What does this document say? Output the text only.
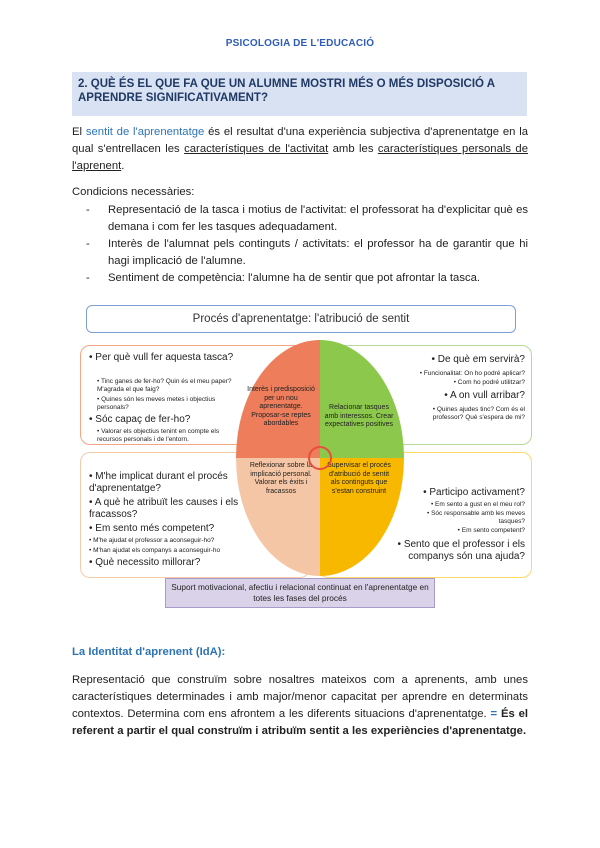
PSICOLOGIA DE L'EDUCACIÓ
2. QUÈ ÉS EL QUE FA QUE UN ALUMNE MOSTRI MÉS O MÉS DISPOSICIÓ A APRENDRE SIGNIFICATIVAMENT?
El sentit de l'aprenentatge és el resultat d'una experiència subjectiva d'aprenentatge en la qual s'entrellacen les característiques de l'activitat amb les característiques personals de l'aprenent.
Condicions necessàries:
- Representació de la tasca i motius de l'activitat: el professorat ha d'explicitar què es demana i com fer les tasques adequadament.
- Interès de l'alumnat pels continguts / activitats: el professor ha de garantir que hi hagi implicació de l'alumne.
- Sentiment de competència: l'alumne ha de sentir que pot afrontar la tasca.
Procés d'aprenentatge: l'atribució de sentit
• Per què vull fer aquesta tasca?
• Tinc ganes de fer-ho? Quin és el meu paper? M'agrada el que faig?
• Quines són les meves metes i objectius personals?
• Sóc capaç de fer-ho?
• Valorar els objectius tenint en compte els recursos personals i de l'entorn.
• De què em servirà?
• Funcionalitat: On ho podré aplicar?
• Com ho podré utilitzar?
• A on vull arribar?
• Quines ajudes tinc? Com és el professor? Què s'espera de mi?
• M'he implicat durant el procés d'aprenentatge?
• A què he atribuït les causes i els fracassos?
• Em sento més competent?
• M'he ajudat el professor a aconseguir-ho?
• M'han ajudat els companys a aconseguir-ho
• Què necessito millorar?
• Participo activament?
• Em sento a gust en el meu rol?
• Sóc responsable amb les meves tasques?
• Em sento competent?
• Sento que el professor i els companys són una ajuda?
Interès i predisposició per un nou aprenentatge. Proposar-se reptes abordables
Relacionar tasques amb interessos. Crear expectatives positives
Reflexionar sobre la implicació personal. Valorar els èxits i fracassos
Supervisar el procés d'atribució de sentit als continguts que s'estan construint
Suport motivacional, afectiu i relacional continuat en l'aprenentatge en totes les fases del procés
La Identitat d'aprenent (IdA):
Representació que construïm sobre nosaltres mateixos com a aprenents, amb unes característiques determinades i amb major/menor capacitat per aprendre en determinats contextos. Determina com ens afrontem a les diferents situacions d'aprenentatge. = És el referent a partir el qual construïm i atribuïm sentit a les experiències d'aprenentatge.
